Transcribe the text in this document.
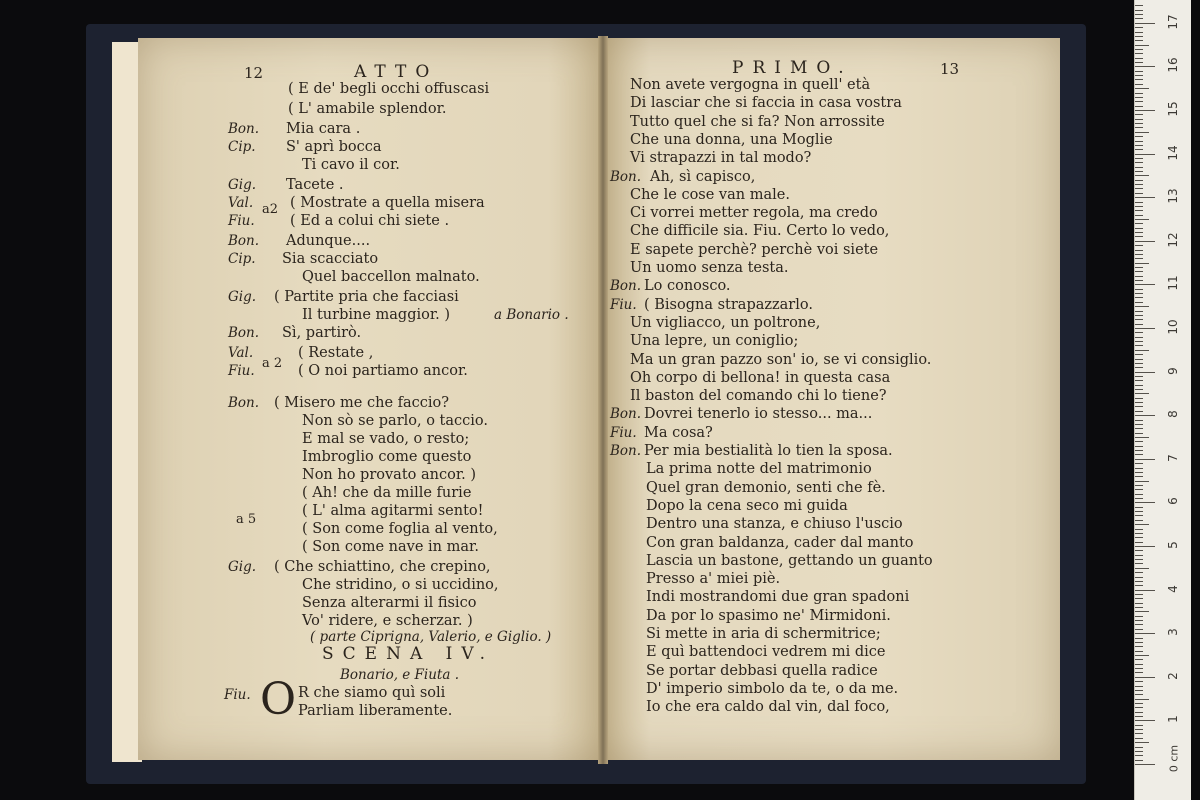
12	ATTO
( E de' begli occhi offuscasi
( L' amabile splendor.
Bon. Mia cara .
Cip. S' aprì bocca
Ti cavo il cor.
Gig. Tacete .
Val.	( Mostrate a quella misera
Fiu. ( Ed a colui chi siete .
Bon. Adunque....
Cip. Sia scacciato
Quel baccellon malnato.
Gig. ( Partite pria che facciasi
Il turbine maggior. )
Bon. Sì, partirò.
Val.	( Restate ,
Fiu.	( O noi partiamo ancor.
Bon. ( Misero me che faccio?
Non sò se parlo, o taccio.
E mal se vado, o resto;
Imbroglio come questo
Non ho provato ancor. )
( Ah! che da mille furie
( L' alma agitarmi sento!
( Son come foglia al vento,
( Son come nave in mar.
Gig. ( Che schiattino, che crepino,
Che stridino, o si uccidino,
Senza alterarmi il fisico
Vo' ridere, e scherzar. )
a2
a Bonario .
a 2
a 5
( parte Ciprigna, Valerio, e Giglio. )
SCENA IV.
Bonario, e Fiuta .
Fiu. O R che siamo quì soli
Parliam liberamente.
PRIMO.	13
Non avete vergogna in quell' età
Di lasciar che si faccia in casa vostra
Tutto quel che si fa? Non arrossite
Che una donna, una Moglie
Vi strapazzi in tal modo?
Bon. Ah, sì capisco,
Che le cose van male.
Ci vorrei metter regola, ma credo
Che difficile sia. Fiu. Certo lo vedo,
E sapete perchè? perchè voi siete
Un uomo senza testa.
Bon. Lo conosco.
Fiu. ( Bisogna strapazzarlo.
Un vigliacco, un poltrone,
Una lepre, un coniglio;
Ma un gran pazzo son' io, se vi consiglio.
Oh corpo di bellona! in questa casa
Il baston del comando chi lo tiene?
Bon. Dovrei tenerlo io stesso... ma...
Fiu. Ma cosa?
Bon. Per mia bestialità lo tien la sposa.
La prima notte del matrimonio
Quel gran demonio, senti che fè.
Dopo la cena seco mi guida
Dentro una stanza, e chiuso l'uscio
Con gran baldanza, cader dal manto
Lascia un bastone, gettando un guanto
Presso a' miei piè.
Indi mostrandomi due gran spadoni
Da por lo spasimo ne' Mirmidoni.
Si mette in aria di schermitrice;
E quì battendoci vedrem mi dice
Se portar debbasi quella radice
D' imperio simbolo da te, o da me.
Io che era caldo dal vin, dal foco,
0 cm
1
2
3
4
5
6
7
8
9
10
11
12
13
14
15
16
17
